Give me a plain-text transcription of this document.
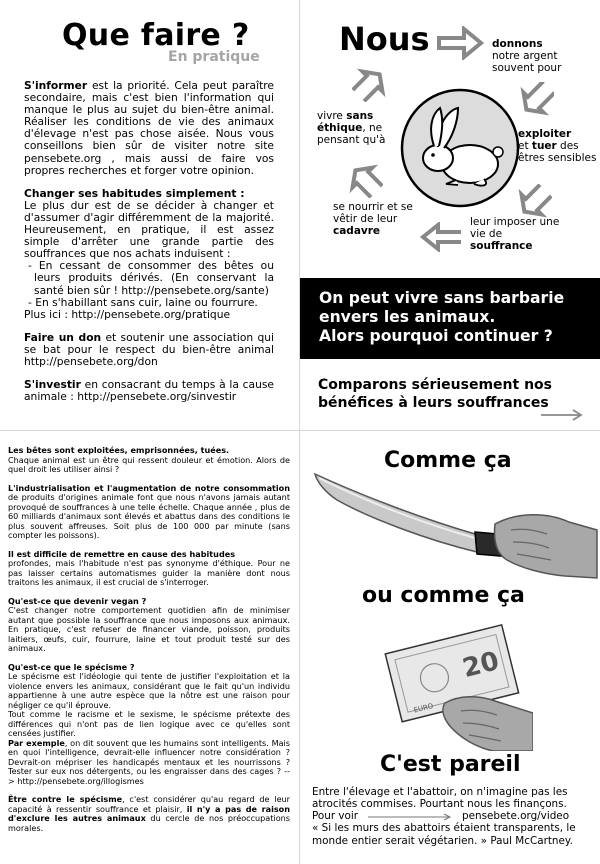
Que faire ?
En pratique

S'informer est la priorité. Cela peut paraître secondaire, mais c'est bien l'information qui manque le plus au sujet du bien-être animal. Réaliser les conditions de vie des animaux d'élevage n'est pas chose aisée. Nous vous conseillons bien sûr de visiter notre site pensebete.org , mais aussi de faire vos propres recherches et forger votre opinion.

Changer ses habitudes simplement :
Le plus dur est de se décider à changer et d'assumer d'agir différemment de la majorité. Heureusement, en pratique, il est assez simple d'arrêter une grande partie des souffrances que nos achats induisent :

- En cessant de consommer des bêtes ou leurs produits dérivés. (En conservant la santé bien sûr ! http://pensebete.org/sante)
- En s'habillant sans cuir, laine ou fourrure.

Plus ici : http://pensebete.org/pratique

Faire un don et soutenir une association qui se bat pour le respect du bien-être animal http://pensebete.org/don

S'investir en consacrant du temps à la cause animale : http://pensebete.org/sinvestir

Nous	donnons
notre argent souvent pour
exploiter
et tuer des êtres sensibles
leur imposer une vie de
souffrance
se nourrir et se vêtir de leur cadavre
vivre sans
éthique, ne pensant qu'à
On peut vivre sans barbarie
envers les animaux.
Alors pourquoi continuer ?
Comparons sérieusement nos
bénéfices à leurs souffrances

Les bêtes sont exploitées, emprisonnées, tuées.
Chaque animal est un être qui ressent douleur et émotion. Alors de quel droit les utiliser ainsi ?

L'industrialisation et l'augmentation de notre consommation de produits d'origines animale font que nous n'avons jamais autant provoqué de souffrances à une telle échelle. Chaque année , plus de 60 milliards d'animaux sont élevés et abattus dans des conditions le plus souvent affreuses. Soit plus de 100 000 par minute (sans compter les poissons).

Il est difficile de remettre en cause des habitudes
profondes, mais l'habitude n'est pas synonyme d'éthique. Pour ne pas laisser certains automatismes guider la manière dont nous traitons les animaux, il est crucial de s'interroger.

Qu'est-ce que devenir vegan ?
C'est changer notre comportement quotidien afin de minimiser autant que possible la souffrance que nous imposons aux animaux. En pratique, c'est refuser de financer viande, poisson, produits laitiers, œufs, cuir, fourrure, laine et tout produit testé sur des animaux.

Qu'est-ce que le spécisme ?
Le spécisme est l'idéologie qui tente de justifier l'exploitation et la violence envers les animaux, considérant que le fait qu'un individu appartienne à une autre espèce que la nôtre est une raison pour négliger ce qu'il éprouve.
Tout comme le racisme et le sexisme, le spécisme prétexte des différences qui n'ont pas de lien logique avec ce qu'elles sont censées justifier.
Par exemple, on dit souvent que les humains sont intelligents. Mais en quoi l'intelligence, devrait-elle influencer notre considération ? Devrait-on mépriser les handicapés mentaux et les nourrissons ? Tester sur eux nos détergents, ou les engraisser dans des cages ? --> http://pensebete.org/illogismes

Être contre le spécisme, c'est considérer qu'au regard de leur capacité à ressentir souffrance et plaisir, il n'y a pas de raison d'exclure les autres animaux du cercle de nos préoccupations morales.

Comme ça
ou comme ça
20
EURO
C'est pareil
Entre l'élevage et l'abattoir, on n'imagine pas les atrocités commises. Pourtant nous les finançons.
Pour voir	pensebete.org/video
« Si les murs des abattoirs étaient transparents, le monde entier serait végétarien. » Paul McCartney.
